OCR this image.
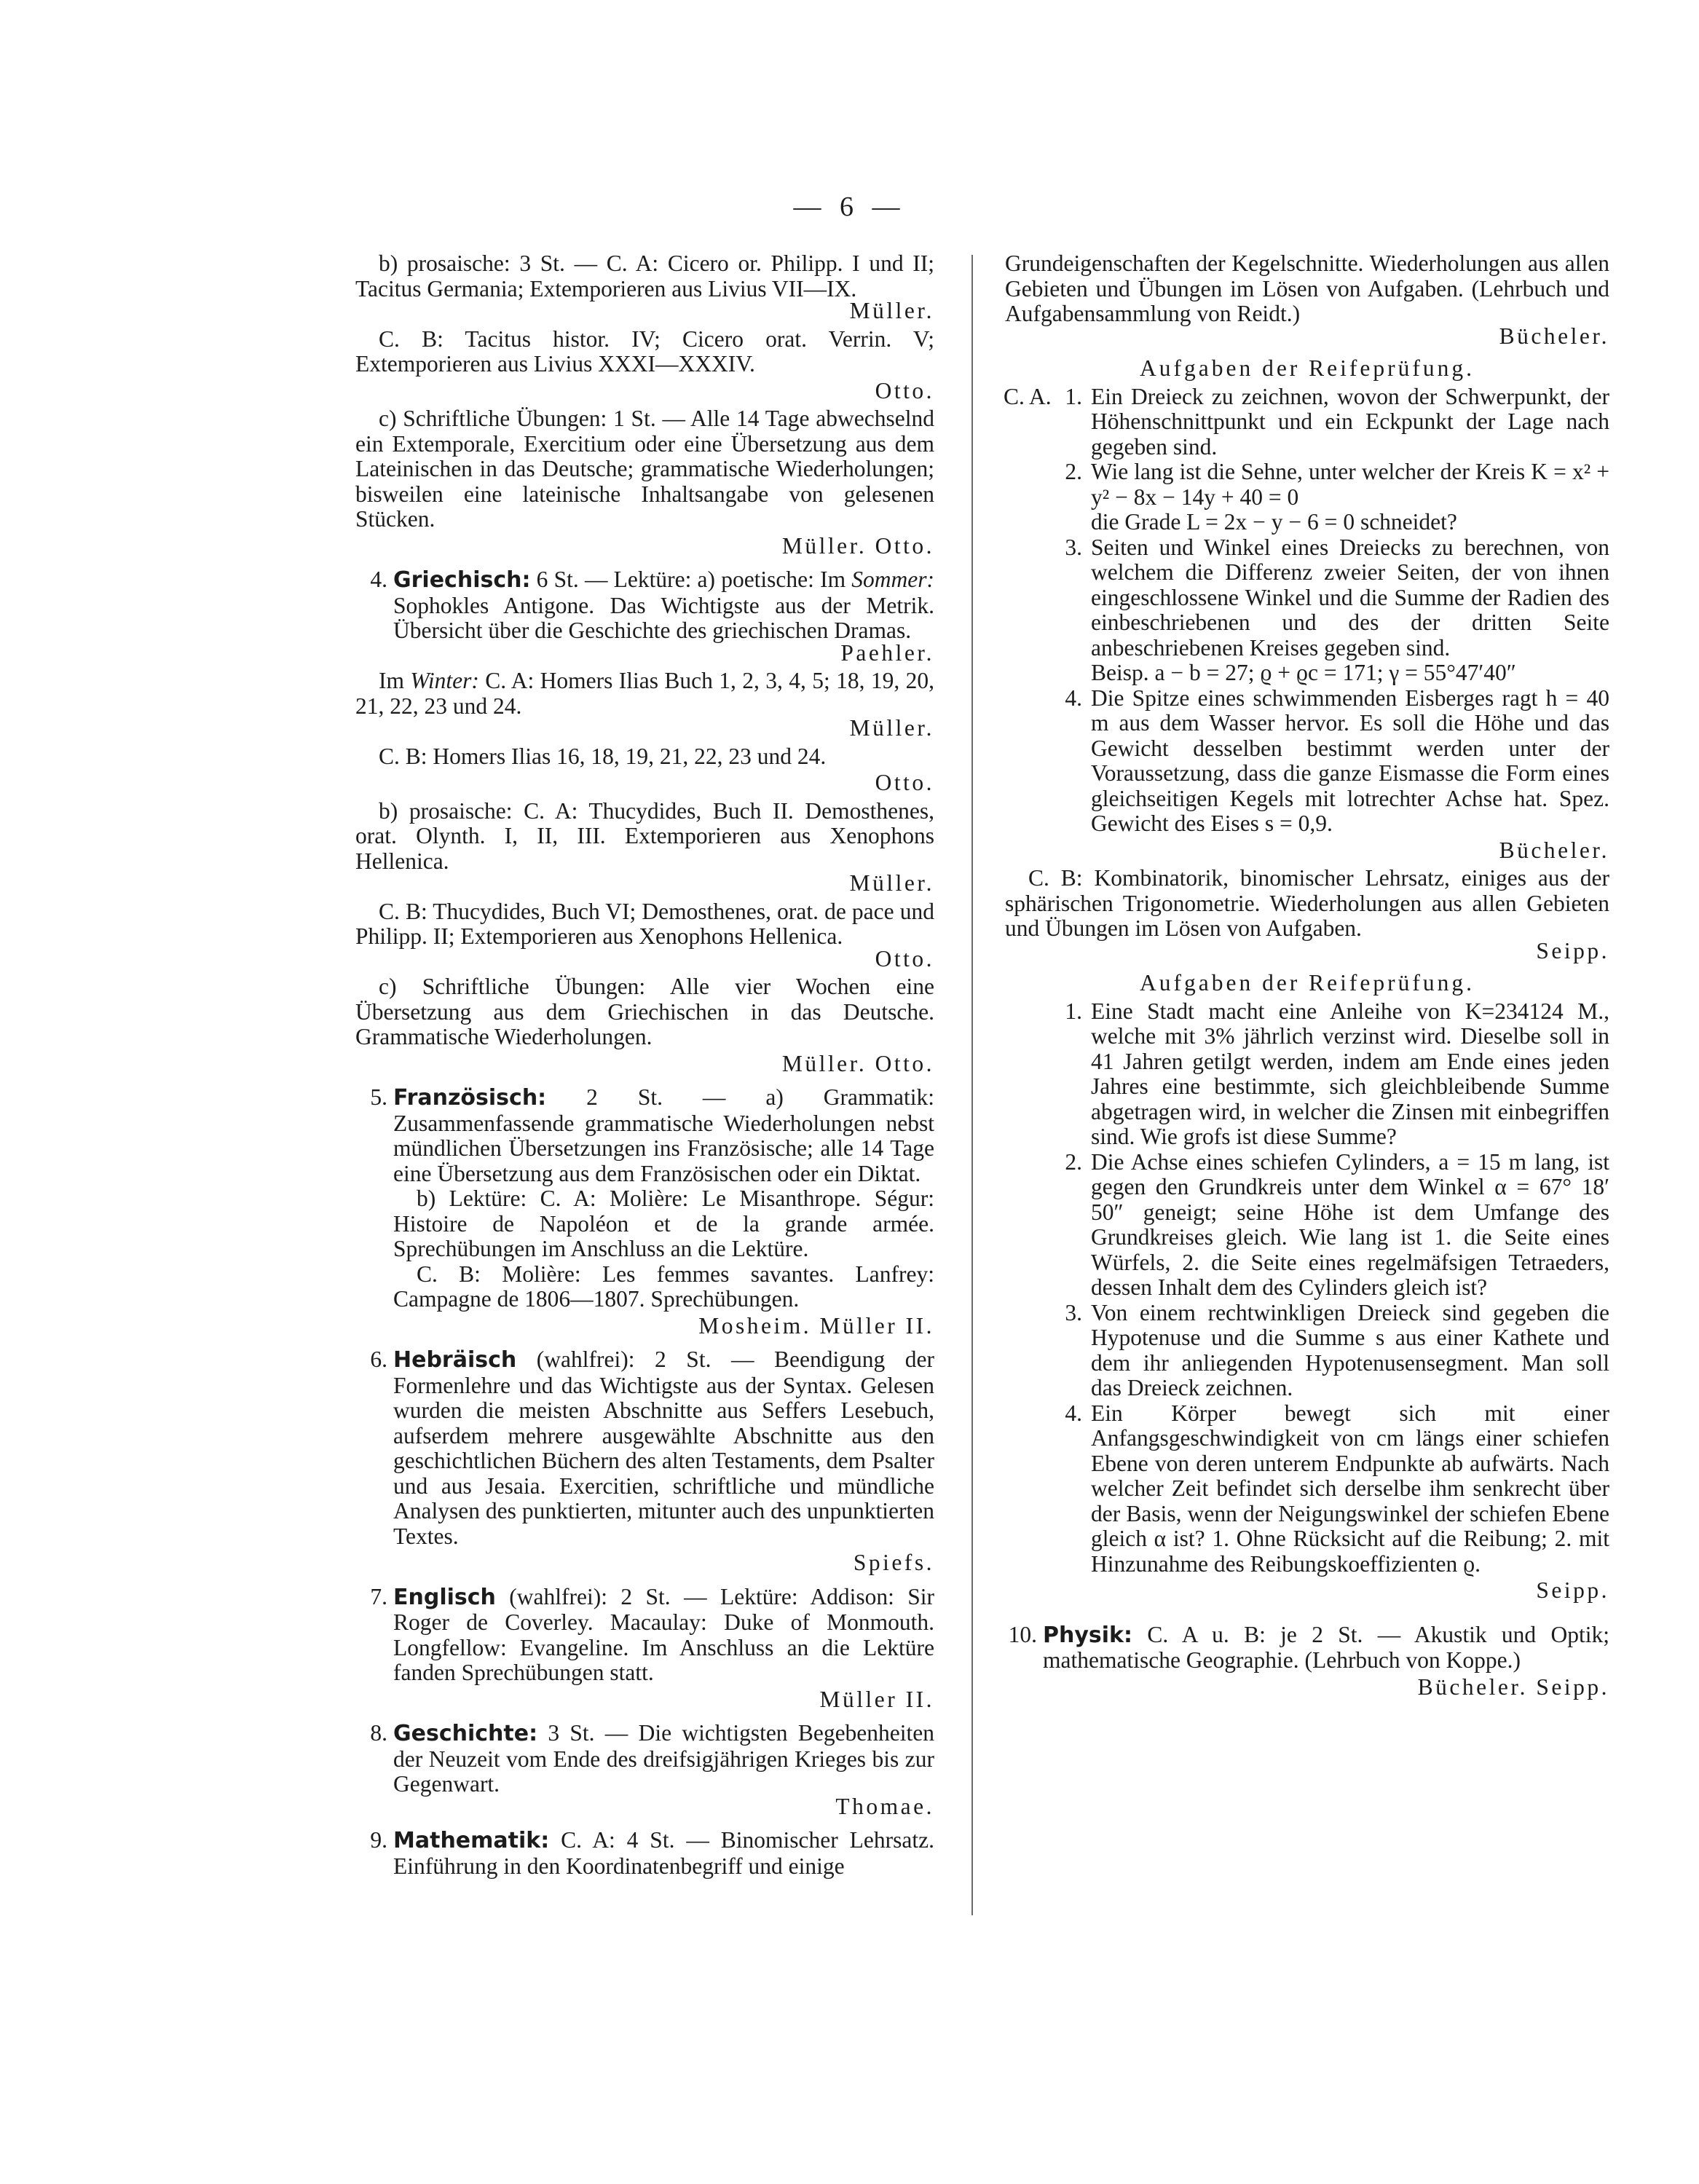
— 6 —

b) prosaische: 3 St. — C. A: Cicero or. Philipp. I und II; Tacitus Germania; Extemporieren aus Livius VII—IX.

Müller.

C. B: Tacitus histor. IV; Cicero orat. Verrin. V; Extemporieren aus Livius XXXI—XXXIV.

Otto.

c) Schriftliche Übungen: 1 St. — Alle 14 Tage abwechselnd ein Extemporale, Exercitium oder eine Übersetzung aus dem Lateinischen in das Deutsche; grammatische Wiederholungen; bisweilen eine lateinische Inhaltsangabe von gelesenen Stücken.

Müller. Otto.

4. Griechisch: 6 St. — Lektüre: a) poetische: Im Sommer: Sophokles Antigone. Das Wichtigste aus der Metrik. Übersicht über die Geschichte des griechischen Dramas.

Paehler.

Im Winter: C. A: Homers Ilias Buch 1, 2, 3, 4, 5; 18, 19, 20, 21, 22, 23 und 24.

Müller.

C. B: Homers Ilias 16, 18, 19, 21, 22, 23 und 24.

Otto.

b) prosaische: C. A: Thucydides, Buch II. Demosthenes, orat. Olynth. I, II, III. Extemporieren aus Xenophons Hellenica.

Müller.

C. B: Thucydides, Buch VI; Demosthenes, orat. de pace und Philipp. II; Extemporieren aus Xenophons Hellenica.

Otto.

c) Schriftliche Übungen: Alle vier Wochen eine Übersetzung aus dem Griechischen in das Deutsche. Grammatische Wiederholungen.

Müller. Otto.

5. Französisch: 2 St. — a) Grammatik: Zusammenfassende grammatische Wiederholungen nebst mündlichen Übersetzungen ins Französische; alle 14 Tage eine Übersetzung aus dem Französischen oder ein Diktat.

b) Lektüre: C. A: Molière: Le Misanthrope. Ségur: Histoire de Napoléon et de la grande armée. Sprechübungen im Anschluss an die Lektüre.

C. B: Molière: Les femmes savantes. Lanfrey: Campagne de 1806—1807. Sprechübungen.

Mosheim. Müller II.

6. Hebräisch (wahlfrei): 2 St. — Beendigung der Formenlehre und das Wichtigste aus der Syntax. Gelesen wurden die meisten Abschnitte aus Seffers Lesebuch, aufserdem mehrere ausgewählte Abschnitte aus den geschichtlichen Büchern des alten Testaments, dem Psalter und aus Jesaia. Exercitien, schriftliche und mündliche Analysen des punktierten, mitunter auch des unpunktierten Textes.

Spiefs.

7. Englisch (wahlfrei): 2 St. — Lektüre: Addison: Sir Roger de Coverley. Macaulay: Duke of Monmouth. Longfellow: Evangeline. Im Anschluss an die Lektüre fanden Sprechübungen statt.

Müller II.

8. Geschichte: 3 St. — Die wichtigsten Begebenheiten der Neuzeit vom Ende des dreifsigjährigen Krieges bis zur Gegenwart.

Thomae.

9. Mathematik: C. A: 4 St. — Binomischer Lehrsatz. Einführung in den Koordinatenbegriff und einige

Grundeigenschaften der Kegelschnitte. Wiederholungen aus allen Gebieten und Übungen im Lösen von Aufgaben. (Lehrbuch und Aufgabensammlung von Reidt.)

Bücheler.

Aufgaben der Reifeprüfung.

C. A. 1. Ein Dreieck zu zeichnen, wovon der Schwerpunkt, der Höhenschnittpunkt und ein Eckpunkt der Lage nach gegeben sind.

2. Wie lang ist die Sehne, unter welcher der Kreis K = x² + y² − 8x − 14y + 40 = 0

die Grade L = 2x − y − 6 = 0 schneidet?

3. Seiten und Winkel eines Dreiecks zu berechnen, von welchem die Differenz zweier Seiten, der von ihnen eingeschlossene Winkel und die Summe der Radien des einbeschriebenen und des der dritten Seite anbeschriebenen Kreises gegeben sind.

Beisp. a − b = 27; ϱ + ϱc = 171; γ = 55°47′40″

4. Die Spitze eines schwimmenden Eisberges ragt h = 40 m aus dem Wasser hervor. Es soll die Höhe und das Gewicht desselben bestimmt werden unter der Voraussetzung, dass die ganze Eismasse die Form eines gleichseitigen Kegels mit lotrechter Achse hat. Spez. Gewicht des Eises s = 0,9.

Bücheler.

C. B: Kombinatorik, binomischer Lehrsatz, einiges aus der sphärischen Trigonometrie. Wiederholungen aus allen Gebieten und Übungen im Lösen von Aufgaben.

Seipp.

Aufgaben der Reifeprüfung.

1. Eine Stadt macht eine Anleihe von K=234124 M., welche mit 3% jährlich verzinst wird. Dieselbe soll in 41 Jahren getilgt werden, indem am Ende eines jeden Jahres eine bestimmte, sich gleichbleibende Summe abgetragen wird, in welcher die Zinsen mit einbegriffen sind. Wie grofs ist diese Summe?

2. Die Achse eines schiefen Cylinders, a = 15 m lang, ist gegen den Grundkreis unter dem Winkel α = 67° 18′ 50″ geneigt; seine Höhe ist dem Umfange des Grundkreises gleich. Wie lang ist 1. die Seite eines Würfels, 2. die Seite eines regelmäfsigen Tetraeders, dessen Inhalt dem des Cylinders gleich ist?

3. Von einem rechtwinkligen Dreieck sind gegeben die Hypotenuse und die Summe s aus einer Kathete und dem ihr anliegenden Hypotenusensegment. Man soll das Dreieck zeichnen.

4. Ein Körper bewegt sich mit einer Anfangsgeschwindigkeit von cm längs einer schiefen Ebene von deren unterem Endpunkte ab aufwärts. Nach welcher Zeit befindet sich derselbe ihm senkrecht über der Basis, wenn der Neigungswinkel der schiefen Ebene gleich α ist? 1. Ohne Rücksicht auf die Reibung; 2. mit Hinzunahme des Reibungskoeffizienten ϱ.

Seipp.

10. Physik: C. A u. B: je 2 St. — Akustik und Optik; mathematische Geographie. (Lehrbuch von Koppe.)

Bücheler. Seipp.
